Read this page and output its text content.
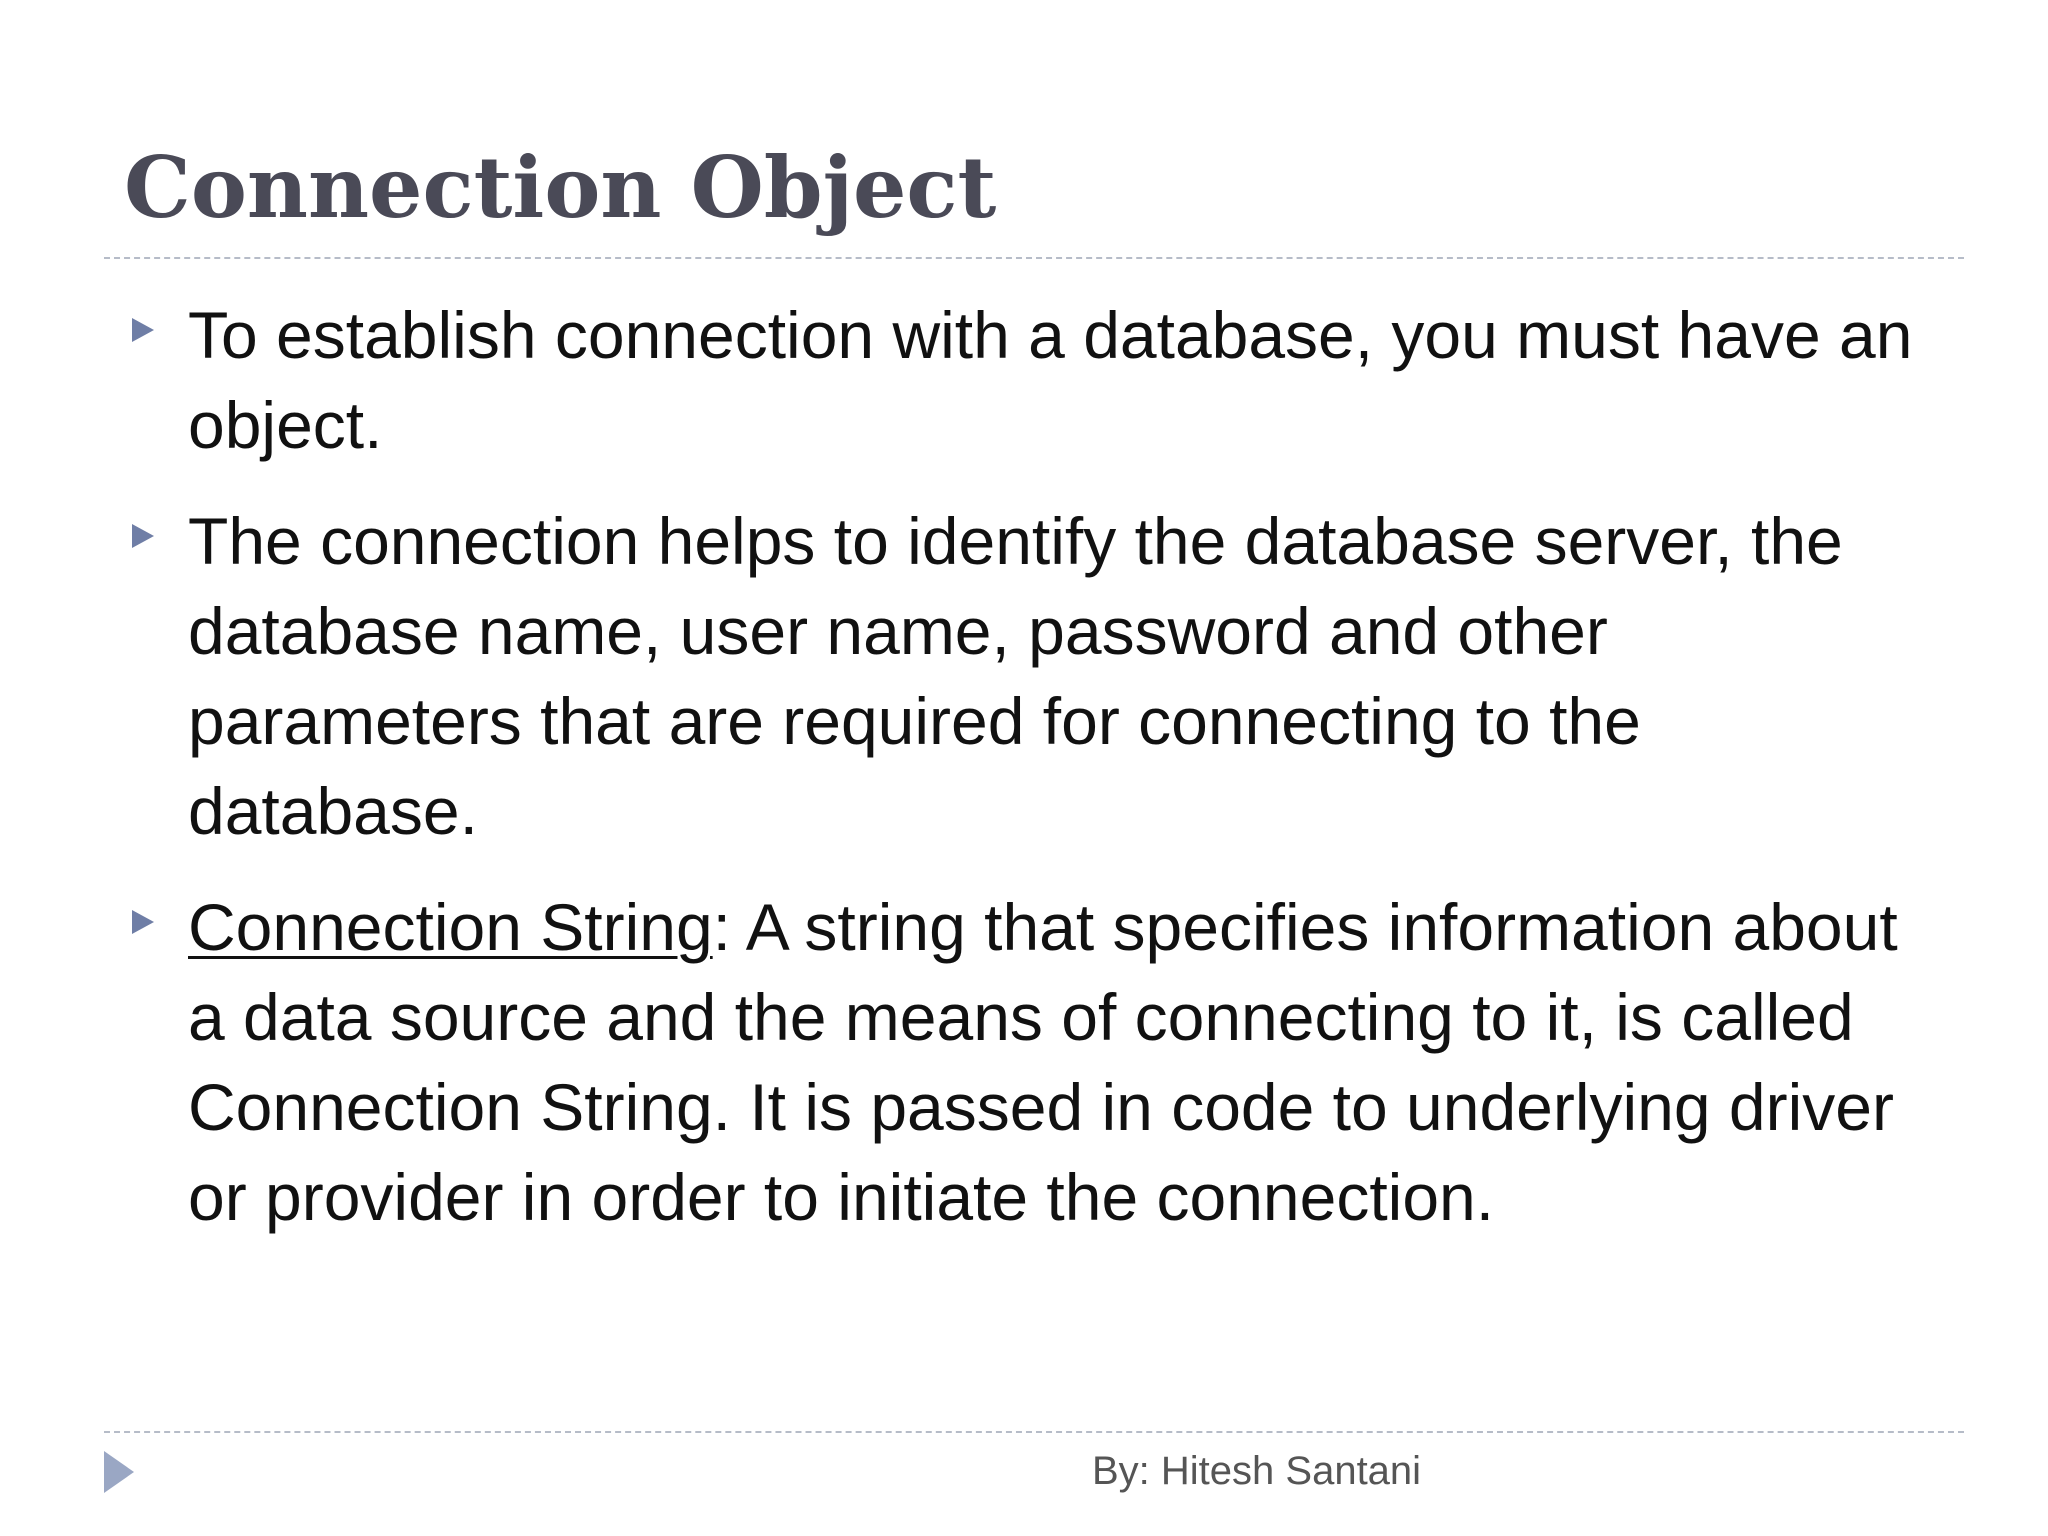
Connection Object
To establish connection with a database, you must have an object.
The connection helps to identify the database server, the database name, user name, password and other parameters that are required for connecting to the database.
Connection String: A string that specifies information about a data source and the means of connecting to it, is called Connection String. It is passed in code to underlying driver or provider in order to initiate the connection.
By: Hitesh Santani
